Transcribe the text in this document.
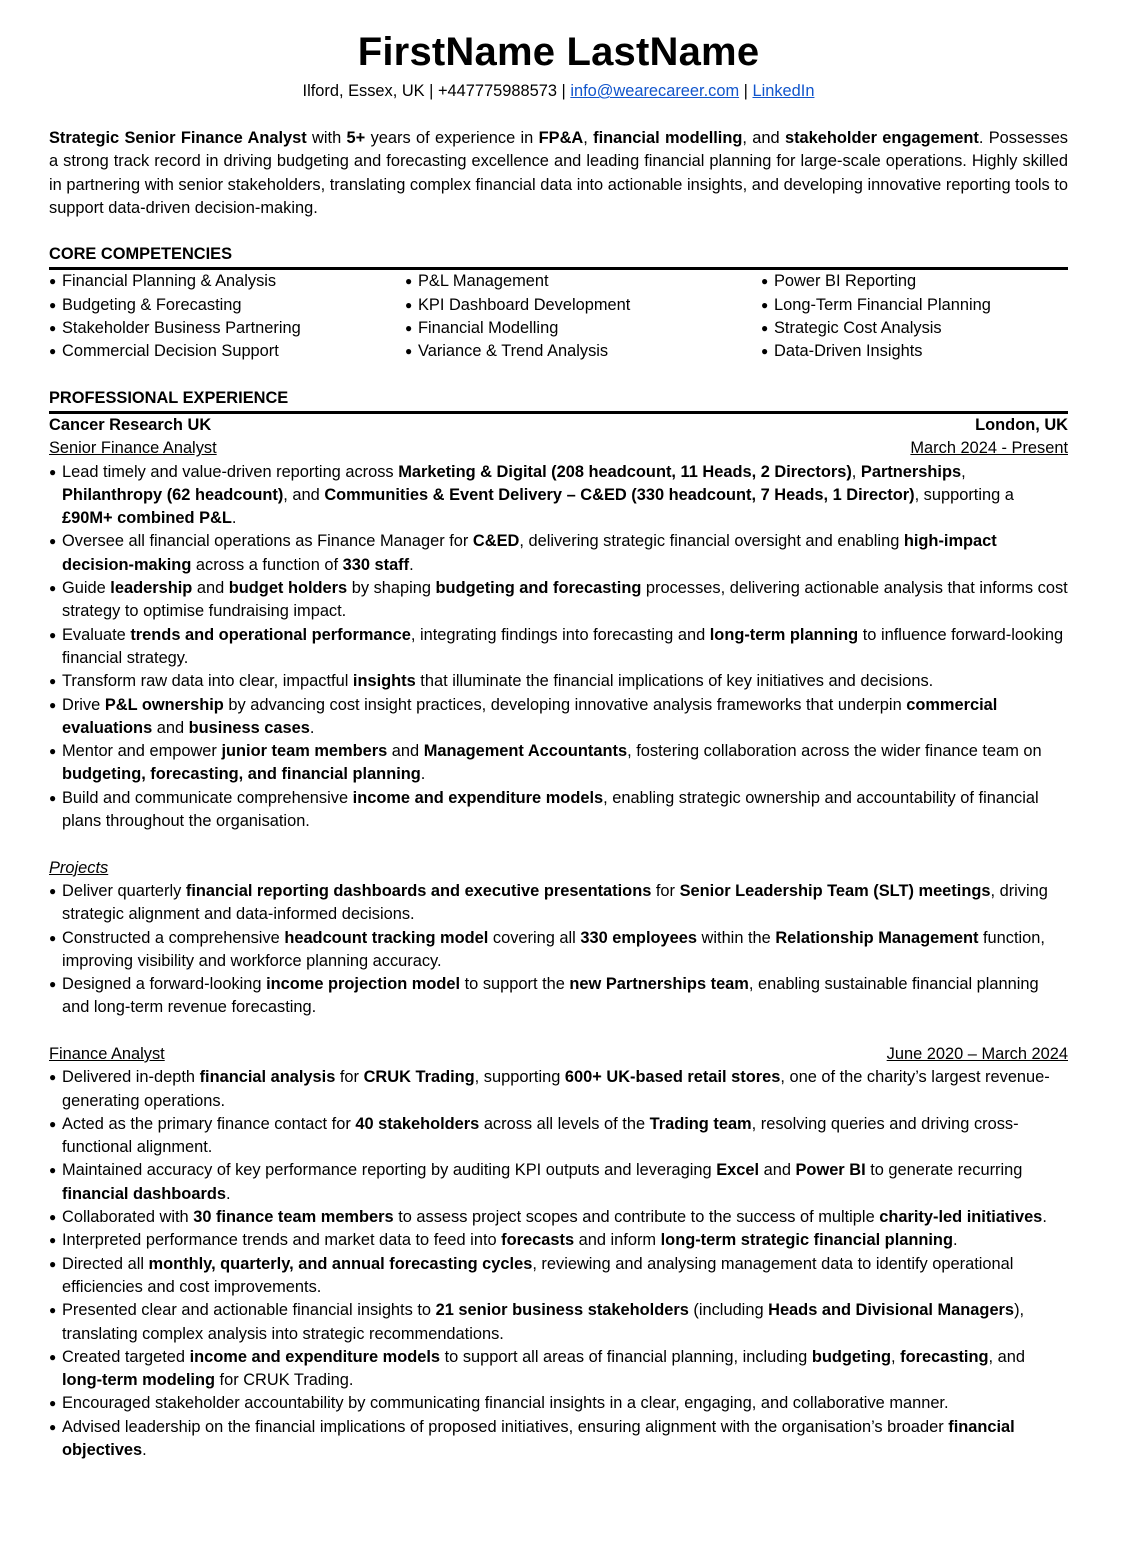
FirstName LastName
Ilford, Essex, UK | +447775988573 | info@wearecareer.com | LinkedIn
Strategic Senior Finance Analyst with 5+ years of experience in FP&A, financial modelling, and stakeholder engagement. Possesses a strong track record in driving budgeting and forecasting excellence and leading financial planning for large-scale operations. Highly skilled in partnering with senior stakeholders, translating complex financial data into actionable insights, and developing innovative reporting tools to support data-driven decision-making.
CORE COMPETENCIES
● Financial Planning & Analysis
● Budgeting & Forecasting
● Stakeholder Business Partnering
● Commercial Decision Support
● P&L Management
● KPI Dashboard Development
● Financial Modelling
● Variance & Trend Analysis
● Power BI Reporting
● Long-Term Financial Planning
● Strategic Cost Analysis
● Data-Driven Insights
PROFESSIONAL EXPERIENCE
Cancer Research UK	London, UK
Senior Finance Analyst	March 2024 - Present
● Lead timely and value-driven reporting across Marketing & Digital (208 headcount, 11 Heads, 2 Directors), Partnerships, Philanthropy (62 headcount), and Communities & Event Delivery – C&ED (330 headcount, 7 Heads, 1 Director), supporting a £90M+ combined P&L.
● Oversee all financial operations as Finance Manager for C&ED, delivering strategic financial oversight and enabling high-impact decision-making across a function of 330 staff.
● Guide leadership and budget holders by shaping budgeting and forecasting processes, delivering actionable analysis that informs cost strategy to optimise fundraising impact.
● Evaluate trends and operational performance, integrating findings into forecasting and long-term planning to influence forward-looking financial strategy.
● Transform raw data into clear, impactful insights that illuminate the financial implications of key initiatives and decisions.
● Drive P&L ownership by advancing cost insight practices, developing innovative analysis frameworks that underpin commercial evaluations and business cases.
● Mentor and empower junior team members and Management Accountants, fostering collaboration across the wider finance team on budgeting, forecasting, and financial planning.
● Build and communicate comprehensive income and expenditure models, enabling strategic ownership and accountability of financial plans throughout the organisation.
Projects
● Deliver quarterly financial reporting dashboards and executive presentations for Senior Leadership Team (SLT) meetings, driving strategic alignment and data-informed decisions.
● Constructed a comprehensive headcount tracking model covering all 330 employees within the Relationship Management function, improving visibility and workforce planning accuracy.
● Designed a forward-looking income projection model to support the new Partnerships team, enabling sustainable financial planning and long-term revenue forecasting.
Finance Analyst	June 2020 – March 2024
● Delivered in-depth financial analysis for CRUK Trading, supporting 600+ UK-based retail stores, one of the charity’s largest revenue-generating operations.
● Acted as the primary finance contact for 40 stakeholders across all levels of the Trading team, resolving queries and driving cross-functional alignment.
● Maintained accuracy of key performance reporting by auditing KPI outputs and leveraging Excel and Power BI to generate recurring financial dashboards.
● Collaborated with 30 finance team members to assess project scopes and contribute to the success of multiple charity-led initiatives.
● Interpreted performance trends and market data to feed into forecasts and inform long-term strategic financial planning.
● Directed all monthly, quarterly, and annual forecasting cycles, reviewing and analysing management data to identify operational efficiencies and cost improvements.
● Presented clear and actionable financial insights to 21 senior business stakeholders (including Heads and Divisional Managers), translating complex analysis into strategic recommendations.
● Created targeted income and expenditure models to support all areas of financial planning, including budgeting, forecasting, and long-term modeling for CRUK Trading.
● Encouraged stakeholder accountability by communicating financial insights in a clear, engaging, and collaborative manner.
● Advised leadership on the financial implications of proposed initiatives, ensuring alignment with the organisation’s broader financial objectives.
